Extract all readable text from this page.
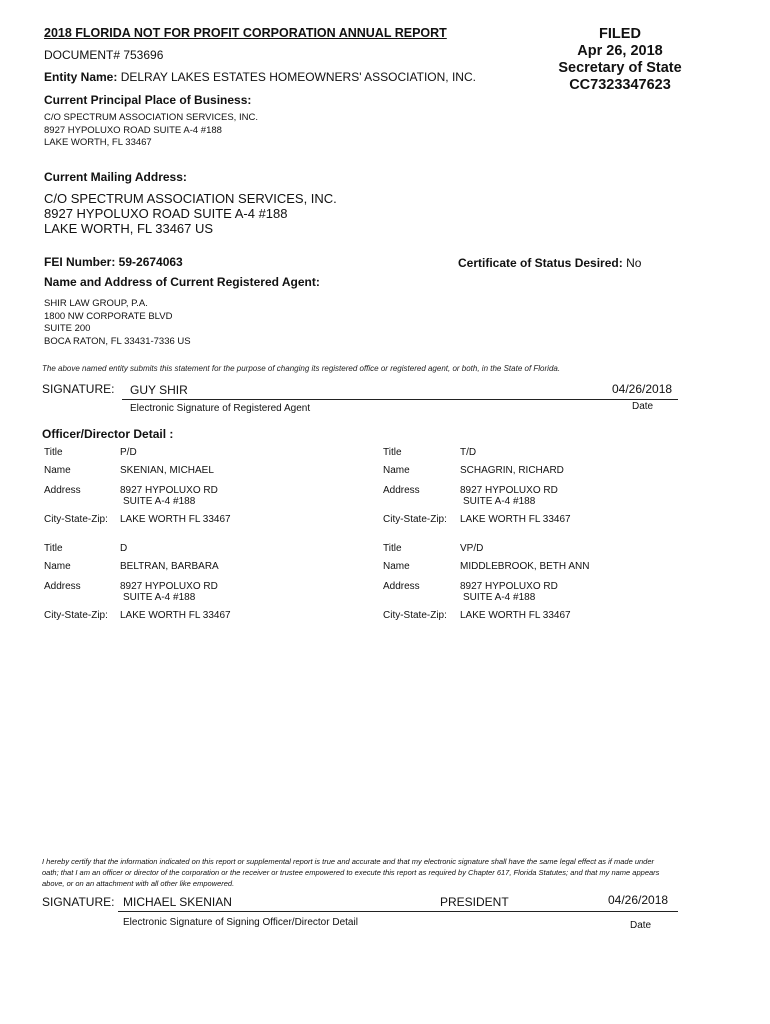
2018 FLORIDA NOT FOR PROFIT CORPORATION ANNUAL REPORT
DOCUMENT# 753696
Entity Name: DELRAY LAKES ESTATES HOMEOWNERS' ASSOCIATION, INC.
FILED
Apr 26, 2018
Secretary of State
CC7323347623
Current Principal Place of Business:
C/O SPECTRUM ASSOCIATION SERVICES, INC.
8927 HYPOLUXO ROAD SUITE A-4 #188
LAKE WORTH, FL 33467
Current Mailing Address:
C/O SPECTRUM ASSOCIATION SERVICES, INC.
8927 HYPOLUXO ROAD SUITE A-4 #188
LAKE WORTH, FL 33467 US
FEI Number: 59-2674063	Certificate of Status Desired: No
Name and Address of Current Registered Agent:
SHIR LAW GROUP, P.A.
1800 NW CORPORATE BLVD
SUITE 200
BOCA RATON, FL 33431-7336 US
The above named entity submits this statement for the purpose of changing its registered office or registered agent, or both, in the State of Florida.
SIGNATURE: GUY SHIR	04/26/2018
Electronic Signature of Registered Agent	Date
Officer/Director Detail :
Title	P/D
Name	SKENIAN, MICHAEL
Address	8927 HYPOLUXO RD
SUITE A-4 #188
City-State-Zip: LAKE WORTH FL 33467
Title	T/D
Name	SCHAGRIN, RICHARD
Address	8927 HYPOLUXO RD
SUITE A-4 #188
City-State-Zip: LAKE WORTH FL 33467
Title	D
Name	BELTRAN, BARBARA
Address	8927 HYPOLUXO RD
SUITE A-4 #188
City-State-Zip: LAKE WORTH FL 33467
Title	VP/D
Name	MIDDLEBROOK, BETH ANN
Address	8927 HYPOLUXO RD
SUITE A-4 #188
City-State-Zip: LAKE WORTH FL 33467
I hereby certify that the information indicated on this report or supplemental report is true and accurate and that my electronic signature shall have the same legal effect as if made under oath; that I am an officer or director of the corporation or the receiver or trustee empowered to execute this report as required by Chapter 617, Florida Statutes; and that my name appears above, or on an attachment with all other like empowered.
SIGNATURE: MICHAEL SKENIAN	PRESIDENT	04/26/2018
Electronic Signature of Signing Officer/Director Detail	Date
